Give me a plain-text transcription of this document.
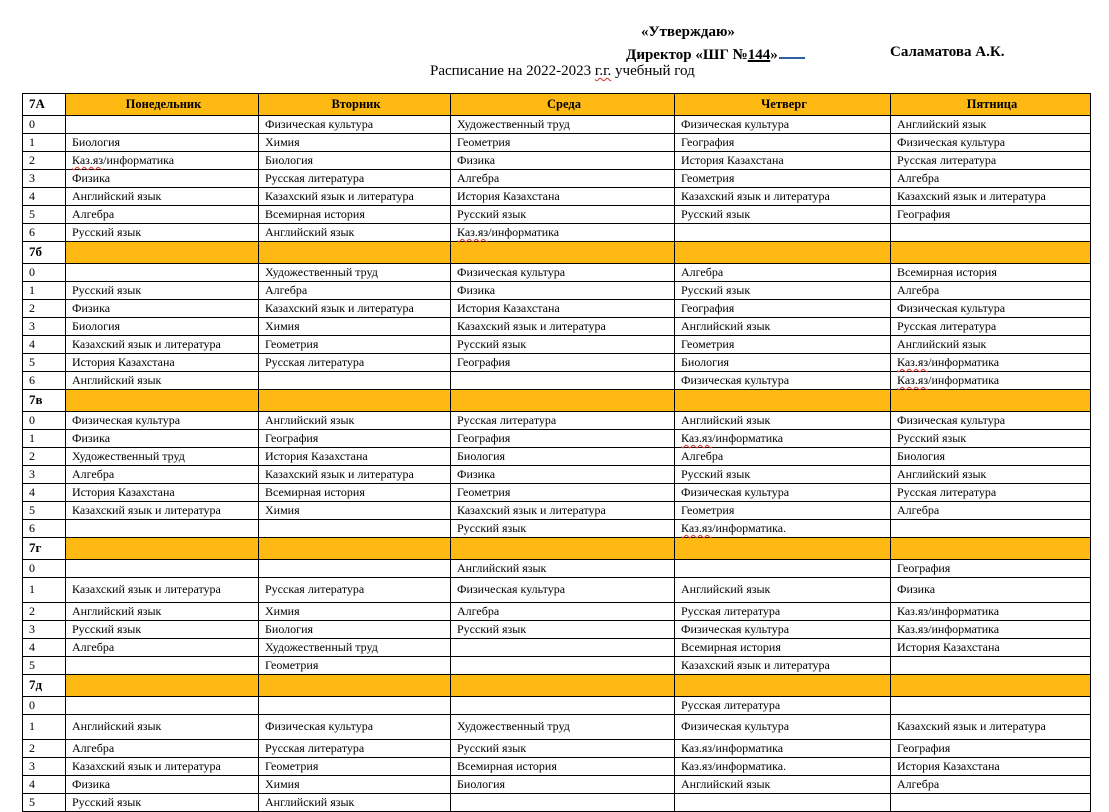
«Утверждаю»
Директор «ШГ №144»	Саламатова А.К.
Расписание на 2022-2023 г.г. учебный год
7А	Понедельник	Вторник	Среда	Четверг	Пятница
0		Физическая культура	Художественный труд	Физическая культура	Английский язык
1	Биология	Химия	Геометрия	География	Физическая культура
2	Каз.яз/информатика	Биология	Физика	История Казахстана	Русская литература
3	Физика	Русская литература	Алгебра	Геометрия	Алгебра
4	Английский язык	Казахский язык и литература	История Казахстана	Казахский язык и литература	Казахский язык и литература
5	Алгебра	Всемирная история	Русский язык	Русский язык	География
6	Русский язык	Английский язык	Каз.яз/информатика		
7б					
0		Художественный труд	Физическая культура	Алгебра	Всемирная история
1	Русский язык	Алгебра	Физика	Русский язык	Алгебра
2	Физика	Казахский язык и литература	История Казахстана	География	Физическая культура
3	Биология	Химия	Казахский язык и литература	Английский язык	Русская литература
4	Казахский язык и литература	Геометрия	Русский язык	Геометрия	Английский язык
5	История Казахстана	Русская литература	География	Биология	Каз.яз/информатика
6	Английский язык			Физическая культура	Каз.яз/информатика
7в					
0	Физическая культура	Английский язык	Русская литература	Английский язык	Физическая культура
1	Физика	География	География	Каз.яз/информатика	Русский язык
2	Художественный труд	История Казахстана	Биология	Алгебра	Биология
3	Алгебра	Казахский язык и литература	Физика	Русский язык	Английский язык
4	История Казахстана	Всемирная история	Геометрия	Физическая культура	Русская литература
5	Казахский язык и литература	Химия	Казахский язык и литература	Геометрия	Алгебра
6			Русский язык	Каз.яз/информатика.	
7г					
0			Английский язык		География
1	Казахский язык и литература	Русская литература	Физическая культура	Английский язык	Физика
2	Английский язык	Химия	Алгебра	Русская литература	Каз.яз/информатика
3	Русский язык	Биология	Русский язык	Физическая культура	Каз.яз/информатика
4	Алгебра	Художественный труд		Всемирная история	История Казахстана
5		Геометрия		Казахский язык и литература	
7д					
0				Русская литература	
1	Английский язык	Физическая культура	Художественный труд	Физическая культура	Казахский язык и литература
2	Алгебра	Русская литература	Русский язык	Каз.яз/информатика	География
3	Казахский язык и литература	Геометрия	Всемирная история	Каз.яз/информатика.	История Казахстана
4	Физика	Химия	Биология	Английский язык	Алгебра
5	Русский язык	Английский язык			
